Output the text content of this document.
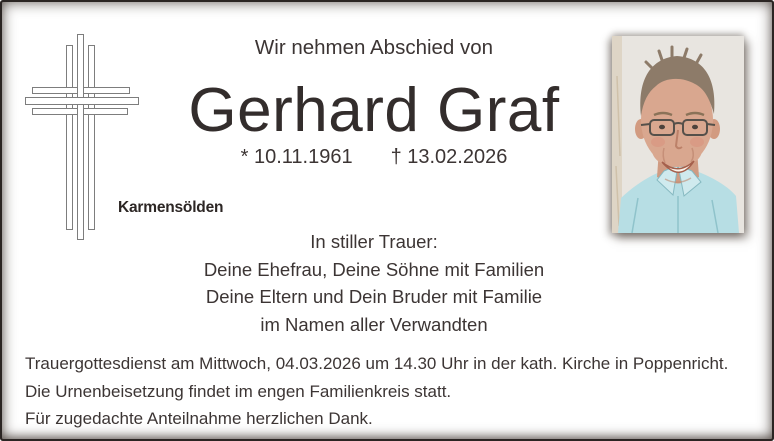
Karmensölden
Wir nehmen Abschied von
Gerhard Graf
* 10.11.1961 † 13.02.2026
In stiller Trauer:
Deine Ehefrau, Deine Söhne mit Familien
Deine Eltern und Dein Bruder mit Familie
im Namen aller Verwandten
Trauergottesdienst am Mittwoch, 04.03.2026 um 14.30 Uhr in der kath. Kirche in Poppenricht.
Die Urnenbeisetzung findet im engen Familienkreis statt.
Für zugedachte Anteilnahme herzlichen Dank.
